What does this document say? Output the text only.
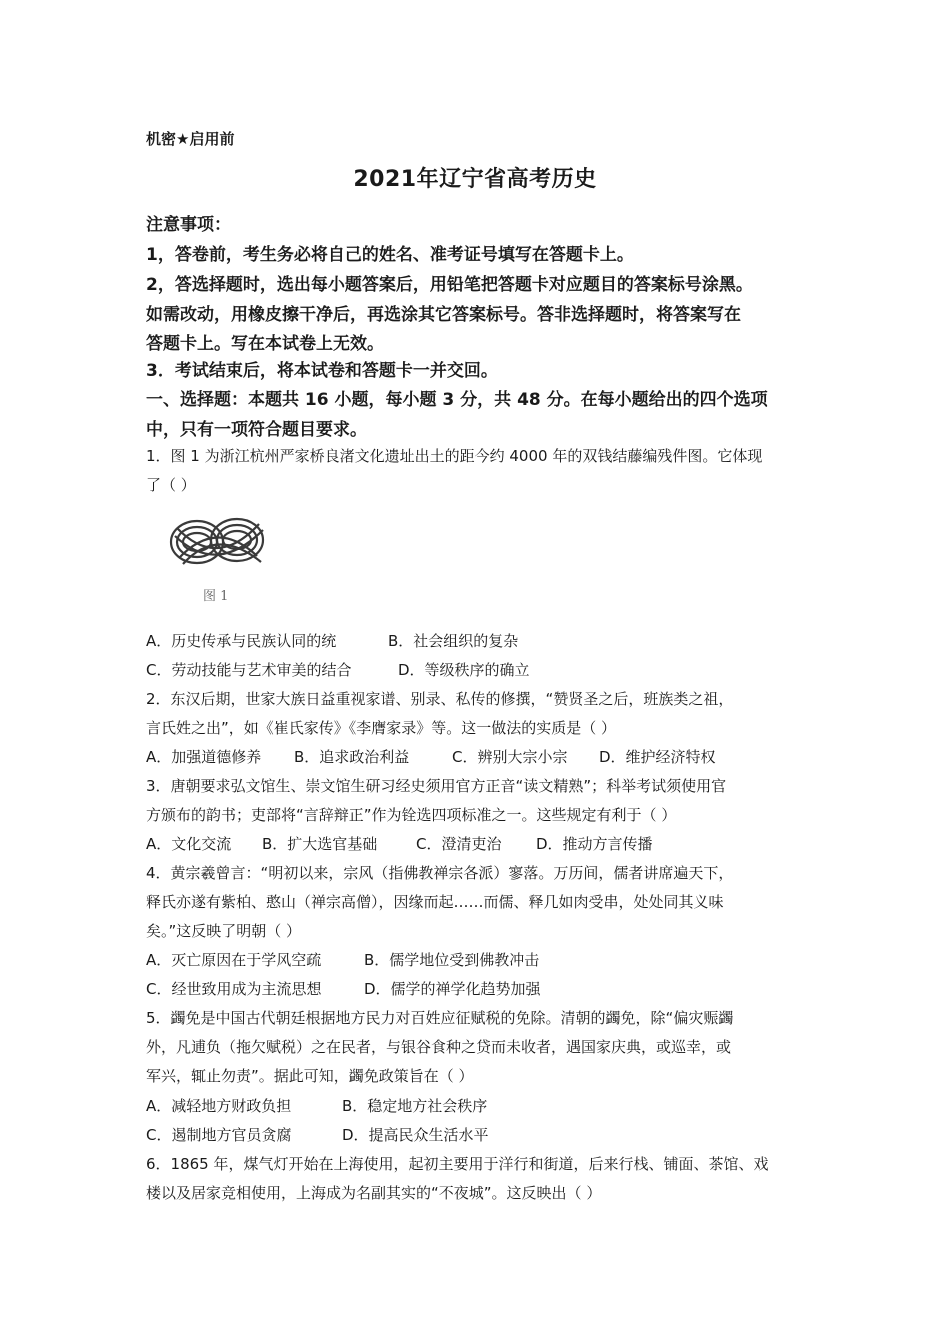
机密★启用前
2021年辽宁省高考历史
注意事项：
1，答卷前，考生务必将自己的姓名、准考证号填写在答题卡上。
2，答选择题时，选出每小题答案后，用铅笔把答题卡对应题目的答案标号涂黑。
如需改动，用橡皮擦干净后，再选涂其它答案标号。答非选择题时，将答案写在
答题卡上。写在本试卷上无效。
3．考试结束后，将本试卷和答题卡一并交回。
一、选择题：本题共 16 小题，每小题 3 分，共 48 分。在每小题给出的四个选项
中，只有一项符合题目要求。
1．图 1 为浙江杭州严家桥良渚文化遗址出土的距今约 4000 年的双钱结藤编残件图。它体现
了（ ）
图 1
A．历史传承与民族认同的统	B．社会组织的复杂
C．劳动技能与艺术审美的结合	D．等级秩序的确立
2．东汉后期，世家大族日益重视家谱、别录、私传的修撰，“赞贤圣之后，班族类之祖，
言氏姓之出”，如《崔氏家传》《李膺家录》等。这一做法的实质是（ ）
A．加强道德修养 B．追求政治利益	C．辨别大宗小宗 D．维护经济特权
3．唐朝要求弘文馆生、崇文馆生研习经史须用官方正音“读文精熟”；科举考试须使用官
方颁布的韵书；吏部将“言辞辩正”作为铨选四项标准之一。这些规定有利于（ ）
A．文化交流 B．扩大选官基础	C．澄清吏治 D．推动方言传播
4．黄宗羲曾言：“明初以来，宗风（指佛教禅宗各派）寥落。万历间，儒者讲席遍天下，
释氏亦遂有紫柏、憨山（禅宗高僧），因缘而起……而儒、释几如肉受串，处处同其义味
矣。”这反映了明朝（ ）
A．灭亡原因在于学风空疏	B．儒学地位受到佛教冲击
C．经世致用成为主流思想	D．儒学的禅学化趋势加强
5．蠲免是中国古代朝廷根据地方民力对百姓应征赋税的免除。清朝的蠲免，除“偏灾赈蠲
外，凡逋负（拖欠赋税）之在民者，与银谷食种之贷而未收者，遇国家庆典，或巡幸，或
军兴，辄止勿责”。据此可知，蠲免政策旨在（ ）
A．减轻地方财政负担	B．稳定地方社会秩序
C．遏制地方官员贪腐	D．提高民众生活水平
6．1865 年，煤气灯开始在上海使用，起初主要用于洋行和街道，后来行栈、铺面、茶馆、戏
楼以及居家竞相使用，上海成为名副其实的“不夜城”。这反映出（ ）
